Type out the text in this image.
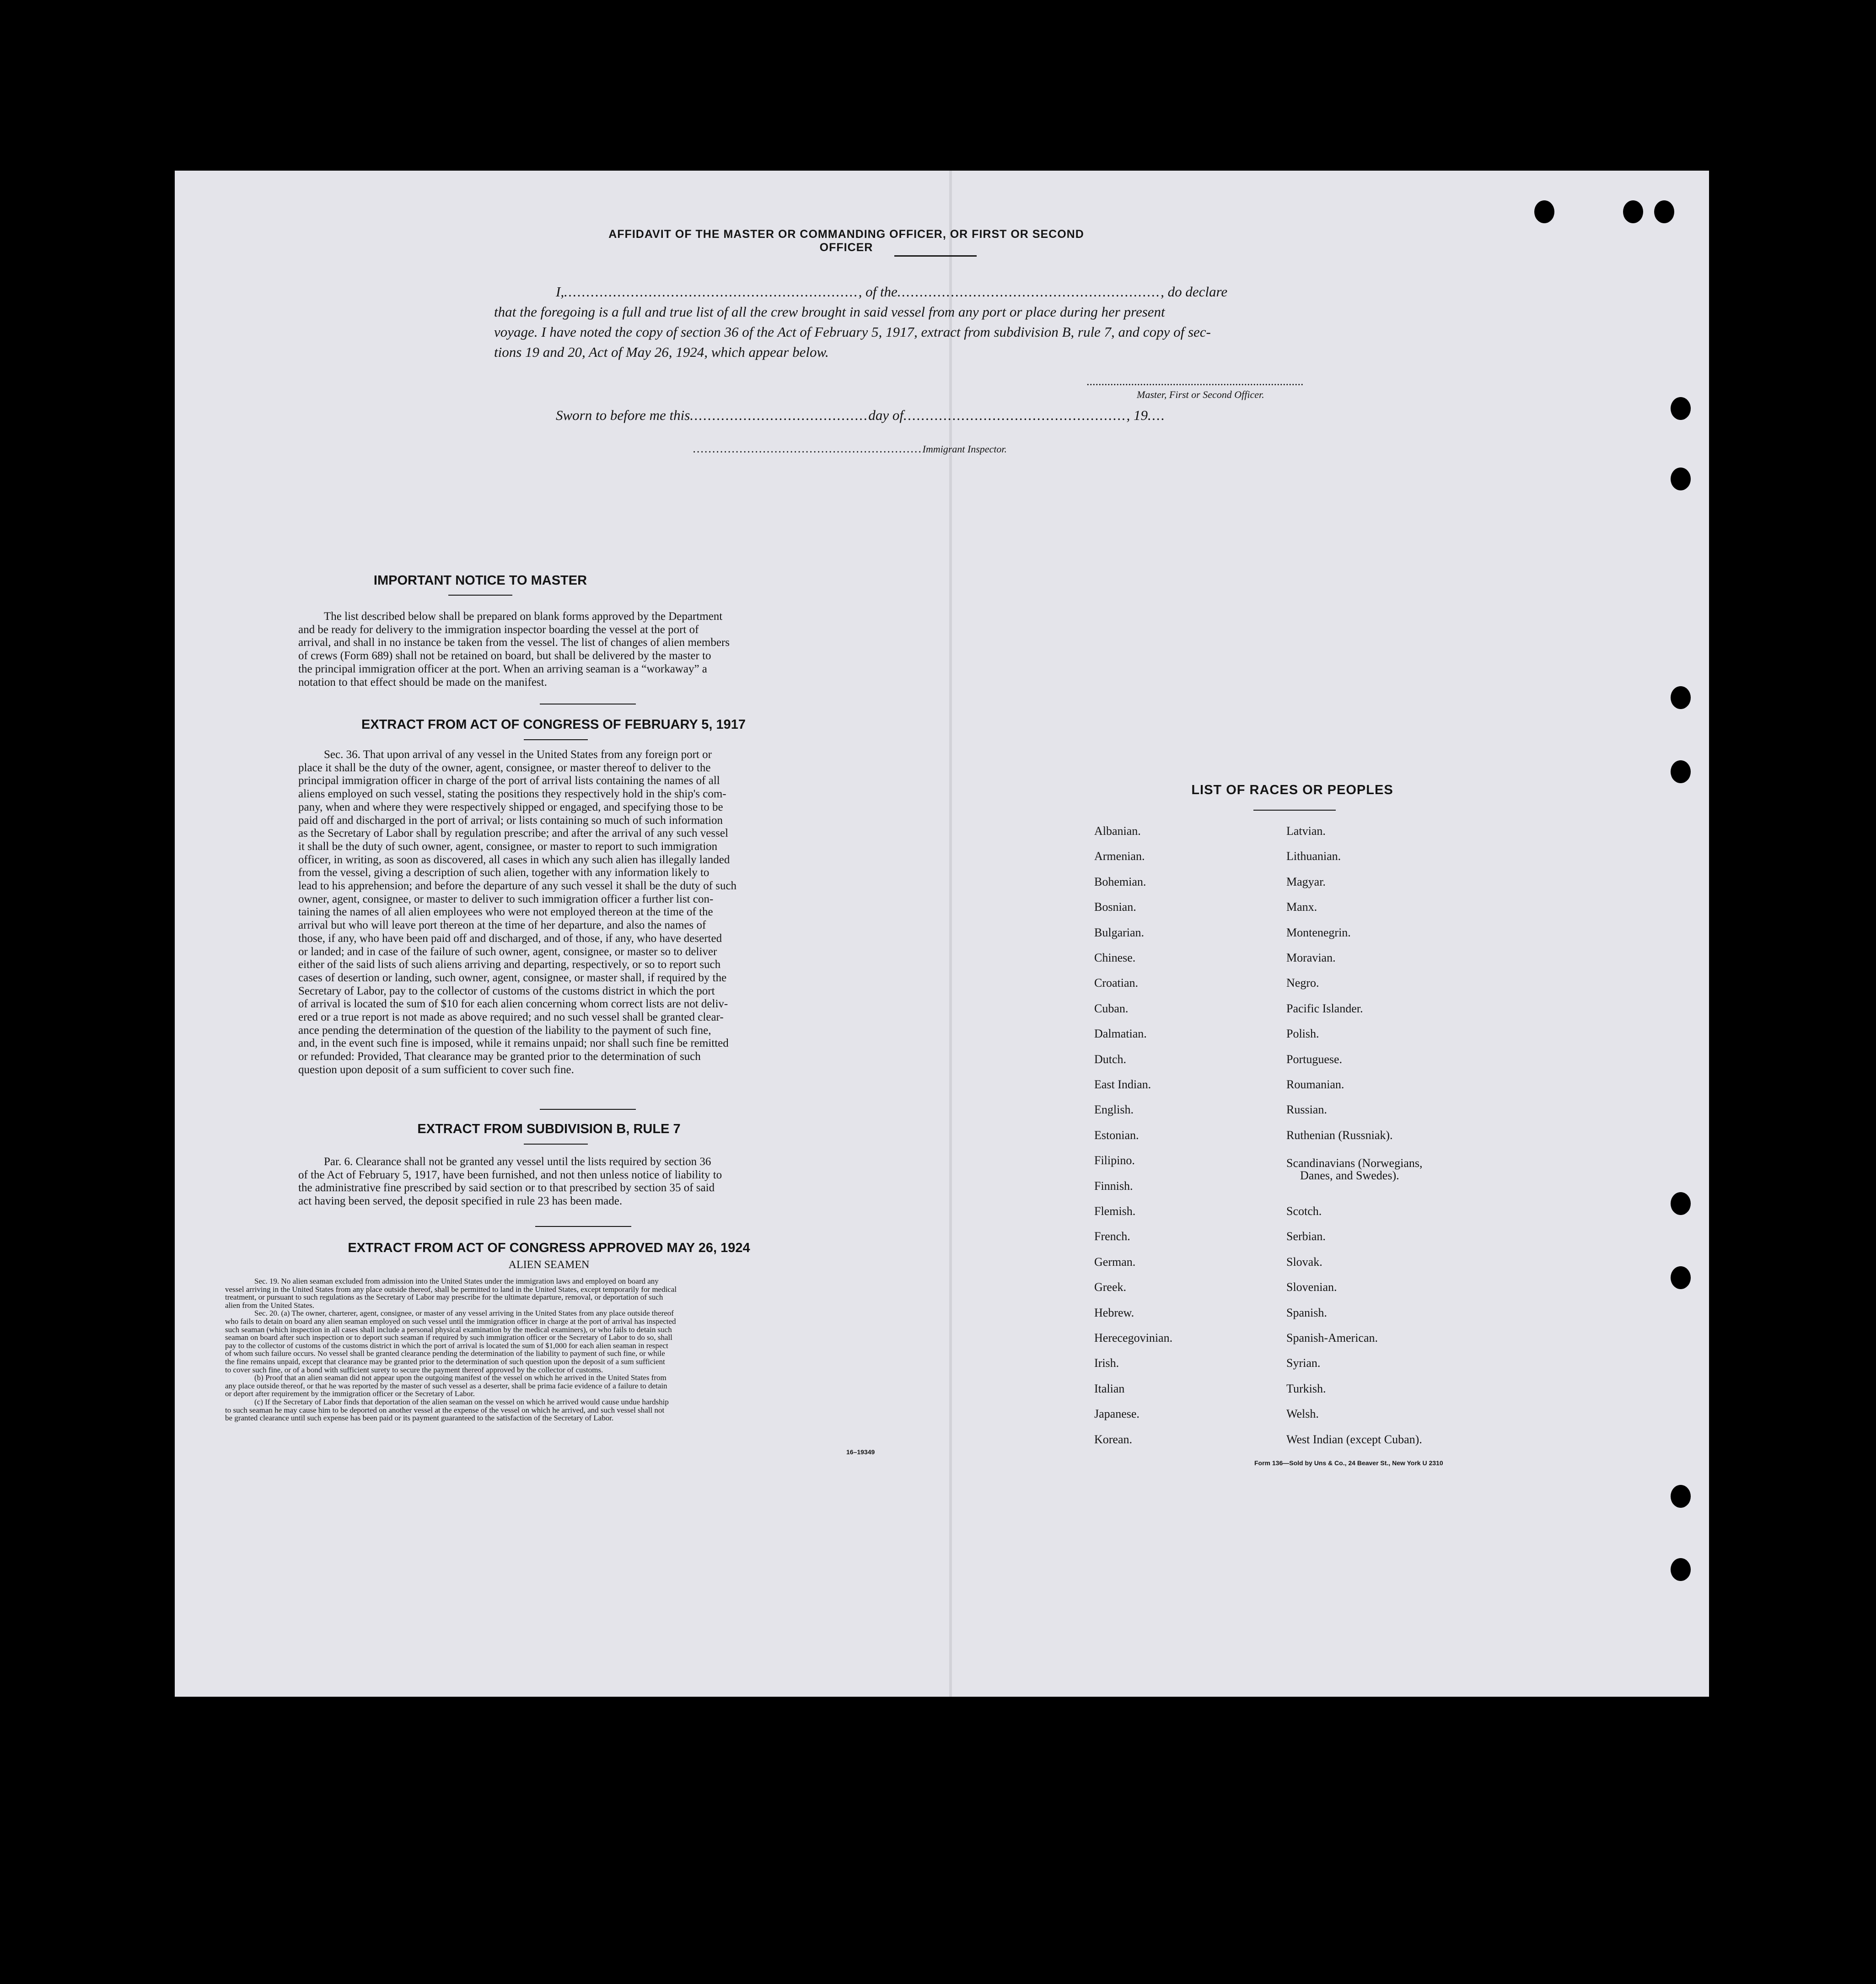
AFFIDAVIT OF THE MASTER OR COMMANDING OFFICER, OR FIRST OR SECOND OFFICER
I,.................................................................., of the..........................................................., do declare
that the foregoing is a full and true list of all the crew brought in said vessel from any port or place during her present
voyage. I have noted the copy of section 36 of the Act of February 5, 1917, extract from subdivision B, rule 7, and copy of sec-
tions 19 and 20, Act of May 26, 1924, which appear below.
.........................................................................
Master, First or Second Officer.
Sworn to before me this........................................day of.................................................., 19....
...........................................................Immigrant Inspector.
IMPORTANT NOTICE TO MASTER

The list described below shall be prepared on blank forms approved by the Department

and be ready for delivery to the immigration inspector boarding the vessel at the port of

arrival, and shall in no instance be taken from the vessel. The list of changes of alien members

of crews (Form 689) shall not be retained on board, but shall be delivered by the master to

the principal immigration officer at the port. When an arriving seaman is a “workaway” a

notation to that effect should be made on the manifest.

EXTRACT FROM ACT OF CONGRESS OF FEBRUARY 5, 1917

Sec. 36. That upon arrival of any vessel in the United States from any foreign port or

place it shall be the duty of the owner, agent, consignee, or master thereof to deliver to the

principal immigration officer in charge of the port of arrival lists containing the names of all

aliens employed on such vessel, stating the positions they respectively hold in the ship's com-

pany, when and where they were respectively shipped or engaged, and specifying those to be

paid off and discharged in the port of arrival; or lists containing so much of such information

as the Secretary of Labor shall by regulation prescribe; and after the arrival of any such vessel

it shall be the duty of such owner, agent, consignee, or master to report to such immigration

officer, in writing, as soon as discovered, all cases in which any such alien has illegally landed

from the vessel, giving a description of such alien, together with any information likely to

lead to his apprehension; and before the departure of any such vessel it shall be the duty of such

owner, agent, consignee, or master to deliver to such immigration officer a further list con-

taining the names of all alien employees who were not employed thereon at the time of the

arrival but who will leave port thereon at the time of her departure, and also the names of

those, if any, who have been paid off and discharged, and of those, if any, who have deserted

or landed; and in case of the failure of such owner, agent, consignee, or master so to deliver

either of the said lists of such aliens arriving and departing, respectively, or so to report such

cases of desertion or landing, such owner, agent, consignee, or master shall, if required by the

Secretary of Labor, pay to the collector of customs of the customs district in which the port

of arrival is located the sum of $10 for each alien concerning whom correct lists are not deliv-

ered or a true report is not made as above required; and no such vessel shall be granted clear-

ance pending the determination of the question of the liability to the payment of such fine,

and, in the event such fine is imposed, while it remains unpaid; nor shall such fine be remitted

or refunded: Provided, That clearance may be granted prior to the determination of such

question upon deposit of a sum sufficient to cover such fine.

EXTRACT FROM SUBDIVISION B, RULE 7

Par. 6. Clearance shall not be granted any vessel until the lists required by section 36

of the Act of February 5, 1917, have been furnished, and not then unless notice of liability to

the administrative fine prescribed by said section or to that prescribed by section 35 of said

act having been served, the deposit specified in rule 23 has been made.

EXTRACT FROM ACT OF CONGRESS APPROVED MAY 26, 1924
ALIEN SEAMEN

Sec. 19. No alien seaman excluded from admission into the United States under the immigration laws and employed on board any

vessel arriving in the United States from any place outside thereof, shall be permitted to land in the United States, except temporarily for medical

treatment, or pursuant to such regulations as the Secretary of Labor may prescribe for the ultimate departure, removal, or deportation of such

alien from the United States.

Sec. 20. (a) The owner, charterer, agent, consignee, or master of any vessel arriving in the United States from any place outside thereof

who fails to detain on board any alien seaman employed on such vessel until the immigration officer in charge at the port of arrival has inspected

such seaman (which inspection in all cases shall include a personal physical examination by the medical examiners), or who fails to detain such

seaman on board after such inspection or to deport such seaman if required by such immigration officer or the Secretary of Labor to do so, shall

pay to the collector of customs of the customs district in which the port of arrival is located the sum of $1,000 for each alien seaman in respect

of whom such failure occurs. No vessel shall be granted clearance pending the determination of the liability to payment of such fine, or while

the fine remains unpaid, except that clearance may be granted prior to the determination of such question upon the deposit of a sum sufficient

to cover such fine, or of a bond with sufficient surety to secure the payment thereof approved by the collector of customs.

(b) Proof that an alien seaman did not appear upon the outgoing manifest of the vessel on which he arrived in the United States from

any place outside thereof, or that he was reported by the master of such vessel as a deserter, shall be prima facie evidence of a failure to detain

or deport after requirement by the immigration officer or the Secretary of Labor.

(c) If the Secretary of Labor finds that deportation of the alien seaman on the vessel on which he arrived would cause undue hardship

to such seaman he may cause him to be deported on another vessel at the expense of the vessel on which he arrived, and such vessel shall not

be granted clearance until such expense has been paid or its payment guaranteed to the satisfaction of the Secretary of Labor.

16–19349
LIST OF RACES OR PEOPLES
Albanian.
Armenian.
Bohemian.
Bosnian.
Bulgarian.
Chinese.
Croatian.
Cuban.
Dalmatian.
Dutch.
East Indian.
English.
Estonian.
Filipino.
Finnish.
Flemish.
French.
German.
Greek.
Hebrew.
Herecegovinian.
Irish.
Italian
Japanese.
Korean.
Latvian.
Lithuanian.
Magyar.
Manx.
Montenegrin.
Moravian.
Negro.
Pacific Islander.
Polish.
Portuguese.
Roumanian.
Russian.
Ruthenian (Russniak).
Scandinavians (Norwegians,
Danes, and Swedes).
Scotch.
Serbian.
Slovak.
Slovenian.
Spanish.
Spanish-American.
Syrian.
Turkish.
Welsh.
West Indian (except Cuban).
Form 136—Sold by Uns & Co., 24 Beaver St., New York U 2310
